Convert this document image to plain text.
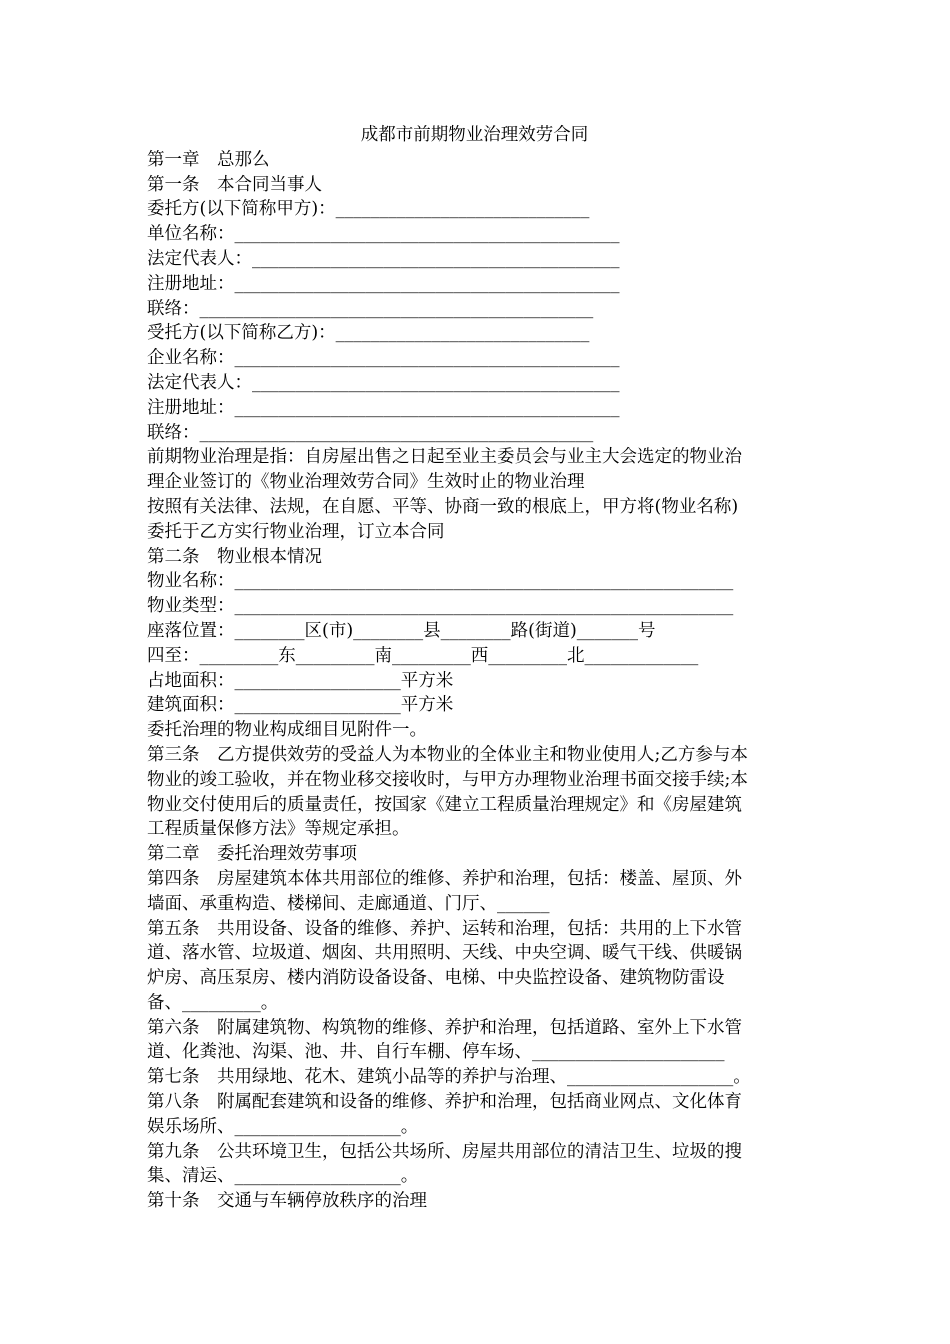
成都市前期物业治理效劳合同
第一章　总那么
第一条　本合同当事人
委托方(以下简称甲方)：_____________________________
单位名称：____________________________________________
法定代表人：__________________________________________
注册地址：____________________________________________
联络：_____________________________________________
受托方(以下简称乙方)：_____________________________
企业名称：____________________________________________
法定代表人：__________________________________________
注册地址：____________________________________________
联络：_____________________________________________
前期物业治理是指：自房屋出售之日起至业主委员会与业主大会选定的物业治
理企业签订的《物业治理效劳合同》生效时止的物业治理
按照有关法律、法规，在自愿、平等、协商一致的根底上，甲方将(物业名称)
委托于乙方实行物业治理，订立本合同
第二条　物业根本情况
物业名称：_________________________________________________________
物业类型：_________________________________________________________
座落位置：________区(市)________县________路(街道)_______号
四至：_________东_________南_________西_________北_____________
占地面积：___________________平方米
建筑面积：___________________平方米
委托治理的物业构成细目见附件一。
第三条　乙方提供效劳的受益人为本物业的全体业主和物业使用人;乙方参与本
物业的竣工验收，并在物业移交接收时，与甲方办理物业治理书面交接手续;本
物业交付使用后的质量责任，按国家《建立工程质量治理规定》和《房屋建筑
工程质量保修方法》等规定承担。
第二章　委托治理效劳事项
第四条　房屋建筑本体共用部位的维修、养护和治理，包括：楼盖、屋顶、外
墙面、承重构造、楼梯间、走廊通道、门厅、______
第五条　共用设备、设备的维修、养护、运转和治理，包括：共用的上下水管
道、落水管、垃圾道、烟囱、共用照明、天线、中央空调、暖气干线、供暖锅
炉房、高压泵房、楼内消防设备设备、电梯、中央监控设备、建筑物防雷设
备、_________。
第六条　附属建筑物、构筑物的维修、养护和治理，包括道路、室外上下水管
道、化粪池、沟渠、池、井、自行车棚、停车场、______________________
第七条　共用绿地、花木、建筑小品等的养护与治理、___________________。
第八条　附属配套建筑和设备的维修、养护和治理，包括商业网点、文化体育
娱乐场所、___________________。
第九条　公共环境卫生，包括公共场所、房屋共用部位的清洁卫生、垃圾的搜
集、清运、___________________。
第十条　交通与车辆停放秩序的治理
